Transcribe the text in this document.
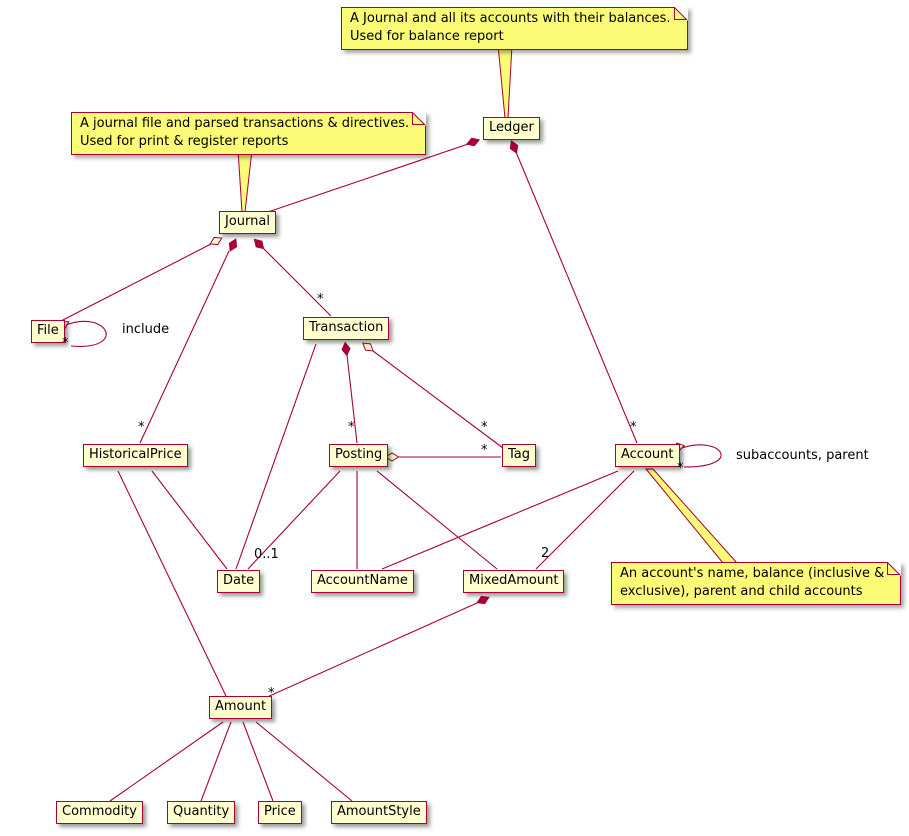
A Journal and all its accounts with their balances.
Used for balance report
A journal file and parsed transactions & directives.
Used for print & register reports
An account's name, balance (inclusive &
exclusive), parent and child accounts
Ledger
Journal
File	Transaction
HistoricalPrice	Posting	Tag	Account
Date	AccountName	MixedAmount
Amount
Commodity	Quantity	Price	AmountStyle
*
*	*	*
*
*
*
*
*
0..1	2
include
subaccounts, parent
